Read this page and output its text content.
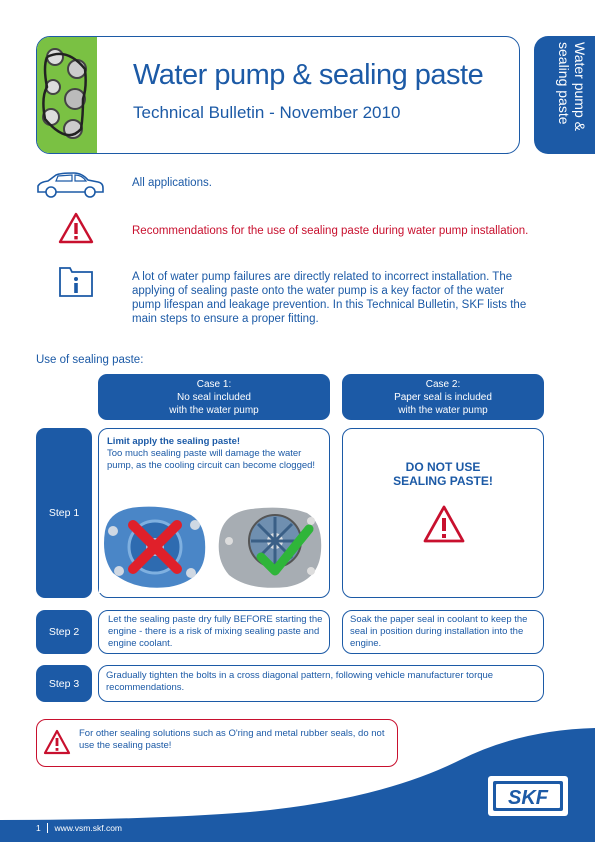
Water pump & sealing paste
Technical Bulletin - November 2010	Water pump & sealing paste
All applications.
Recommendations for the use of sealing paste during water pump installation.
A lot of water pump failures are directly related to incorrect installation. The applying of sealing paste onto the water pump is a key factor of the water pump lifespan and leakage prevention. In this Technical Bulletin, SKF lists the main steps to ensure a proper fitting.
Use of sealing paste:
Case 1:
No seal included
with the water pump
Case 2:
Paper seal is included
with the water pump
Step 1
Limit apply the sealing paste!
Too much sealing paste will damage the water pump, as the cooling circuit can become clogged!	DO NOT USE
SEALING PASTE!
Step 2
Let the sealing paste dry fully BEFORE starting the engine - there is a risk of mixing sealing paste and engine coolant.
Soak the paper seal in coolant to keep the seal in position during installation into the engine.
Step 3
Gradually tighten the bolts in a cross diagonal pattern, following vehicle manufacturer torque recommendations.
For other sealing solutions such as O'ring and metal rubber seals, do not use the sealing paste!
SKF
1 www.vsm.skf.com
